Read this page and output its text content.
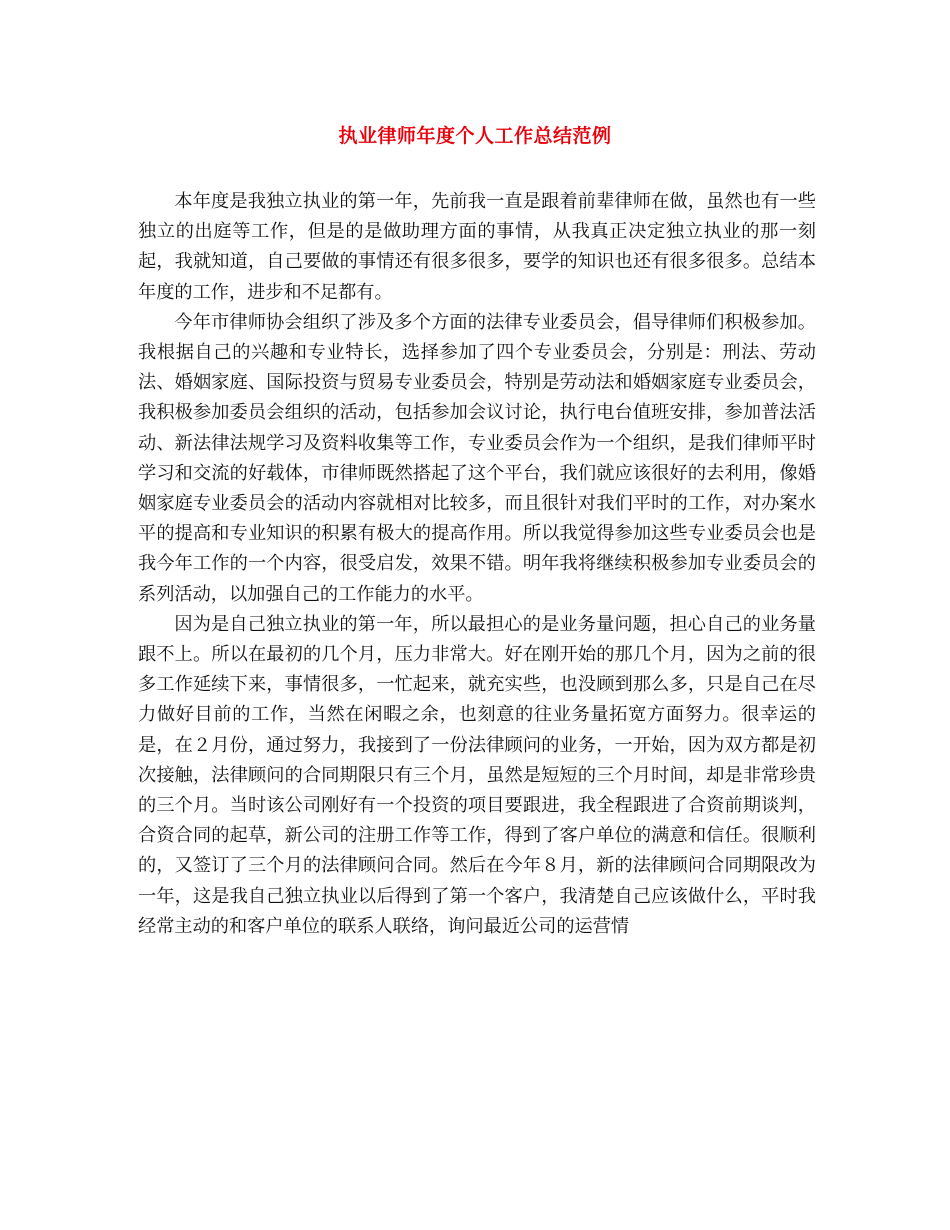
执业律师年度个人工作总结范例

本年度是我独立执业的第一年，先前我一直是跟着前辈律师在做，虽然也有一些独立的出庭等工作，但是的是做助理方面的事情，从我真正决定独立执业的那一刻起，我就知道，自己要做的事情还有很多很多，要学的知识也还有很多很多。总结本年度的工作，进步和不足都有。

今年市律师协会组织了涉及多个方面的法律专业委员会，倡导律师们积极参加。我根据自己的兴趣和专业特长，选择参加了四个专业委员会，分别是：刑法、劳动法、婚姻家庭、国际投资与贸易专业委员会，特别是劳动法和婚姻家庭专业委员会，我积极参加委员会组织的活动，包括参加会议讨论，执行电台值班安排，参加普法活动、新法律法规学习及资料收集等工作，专业委员会作为一个组织，是我们律师平时学习和交流的好载体，市律师既然搭起了这个平台，我们就应该很好的去利用，像婚姻家庭专业委员会的活动内容就相对比较多，而且很针对我们平时的工作，对办案水平的提高和专业知识的积累有极大的提高作用。所以我觉得参加这些专业委员会也是我今年工作的一个内容，很受启发，效果不错。明年我将继续积极参加专业委员会的系列活动，以加强自己的工作能力的水平。

因为是自己独立执业的第一年，所以最担心的是业务量问题，担心自己的业务量跟不上。所以在最初的几个月，压力非常大。好在刚开始的那几个月，因为之前的很多工作延续下来，事情很多，一忙起来，就充实些，也没顾到那么多，只是自己在尽力做好目前的工作，当然在闲暇之余，也刻意的往业务量拓宽方面努力。很幸运的是，在２月份，通过努力，我接到了一份法律顾问的业务，一开始，因为双方都是初次接触，法律顾问的合同期限只有三个月，虽然是短短的三个月时间，却是非常珍贵的三个月。当时该公司刚好有一个投资的项目要跟进，我全程跟进了合资前期谈判，合资合同的起草，新公司的注册工作等工作，得到了客户单位的满意和信任。很顺利的，又签订了三个月的法律顾问合同。然后在今年８月，新的法律顾问合同期限改为一年，这是我自己独立执业以后得到了第一个客户，我清楚自己应该做什么，平时我经常主动的和客户单位的联系人联络，询问最近公司的运营情
